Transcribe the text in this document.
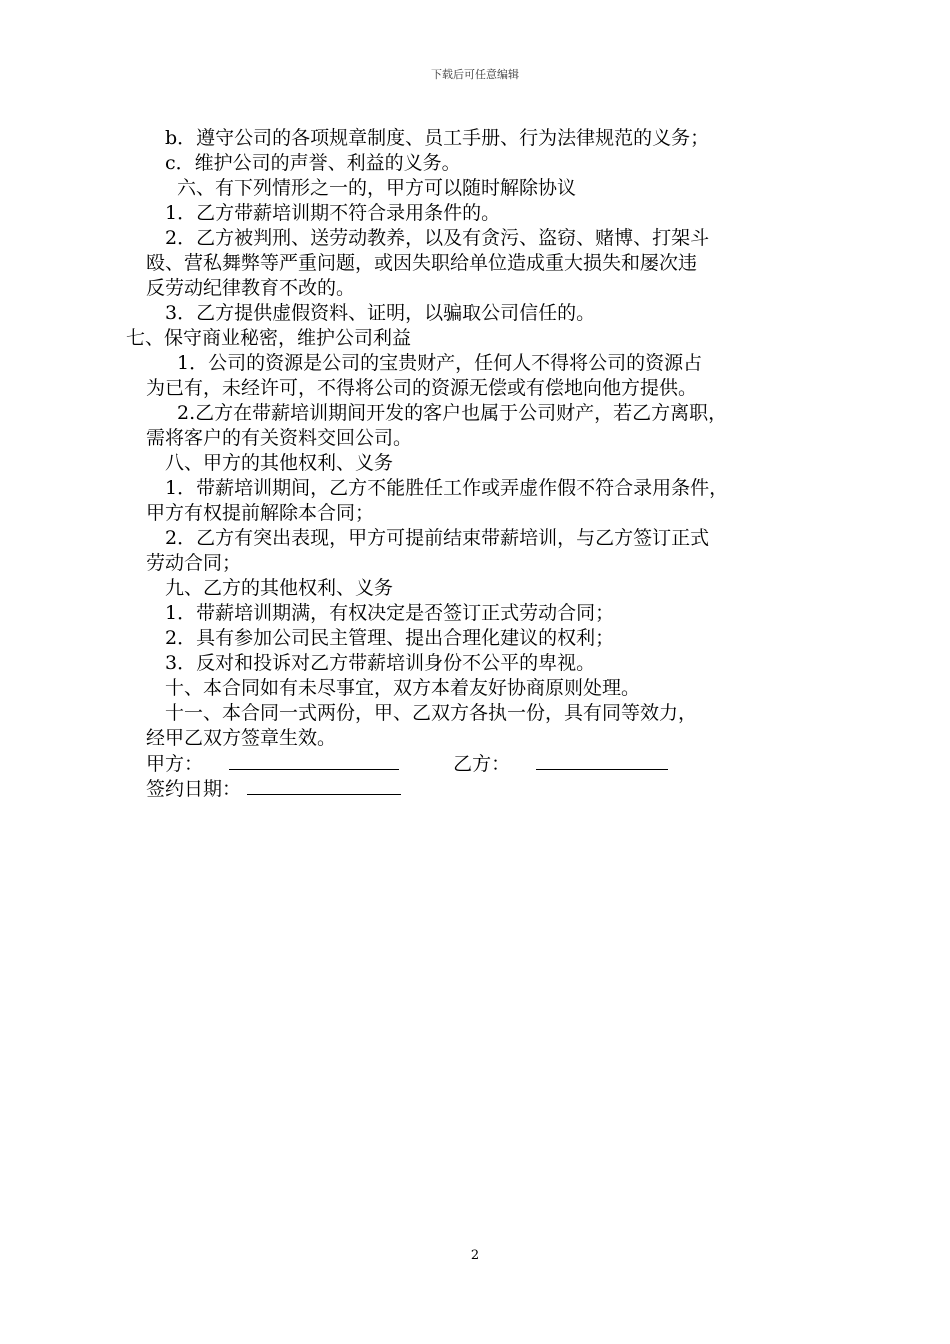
下载后可任意编辑
b．遵守公司的各项规章制度、员工手册、行为法律规范的义务；
c．维护公司的声誉、利益的义务。
六、有下列情形之一的，甲方可以随时解除协议
1．乙方带薪培训期不符合录用条件的。
2．乙方被判刑、送劳动教养，以及有贪污、盗窃、赌博、打架斗
殴、营私舞弊等严重问题，或因失职给单位造成重大损失和屡次违
反劳动纪律教育不改的。
3．乙方提供虚假资料、证明，以骗取公司信任的。
七、保守商业秘密，维护公司利益
1．公司的资源是公司的宝贵财产，任何人不得将公司的资源占
为已有，未经许可，不得将公司的资源无偿或有偿地向他方提供。
2.乙方在带薪培训期间开发的客户也属于公司财产，若乙方离职，
需将客户的有关资料交回公司。
八、甲方的其他权利、义务
1．带薪培训期间，乙方不能胜任工作或弄虚作假不符合录用条件，
甲方有权提前解除本合同；
2．乙方有突出表现，甲方可提前结束带薪培训，与乙方签订正式
劳动合同；
九、乙方的其他权利、义务
1．带薪培训期满，有权决定是否签订正式劳动合同；
2．具有参加公司民主管理、提出合理化建议的权利；
3．反对和投诉对乙方带薪培训身份不公平的卑视。
十、本合同如有未尽事宜，双方本着友好协商原则处理。
十一、本合同一式两份，甲、乙双方各执一份，具有同等效力，
经甲乙双方签章生效。
甲方：	乙方：
签约日期：
2
